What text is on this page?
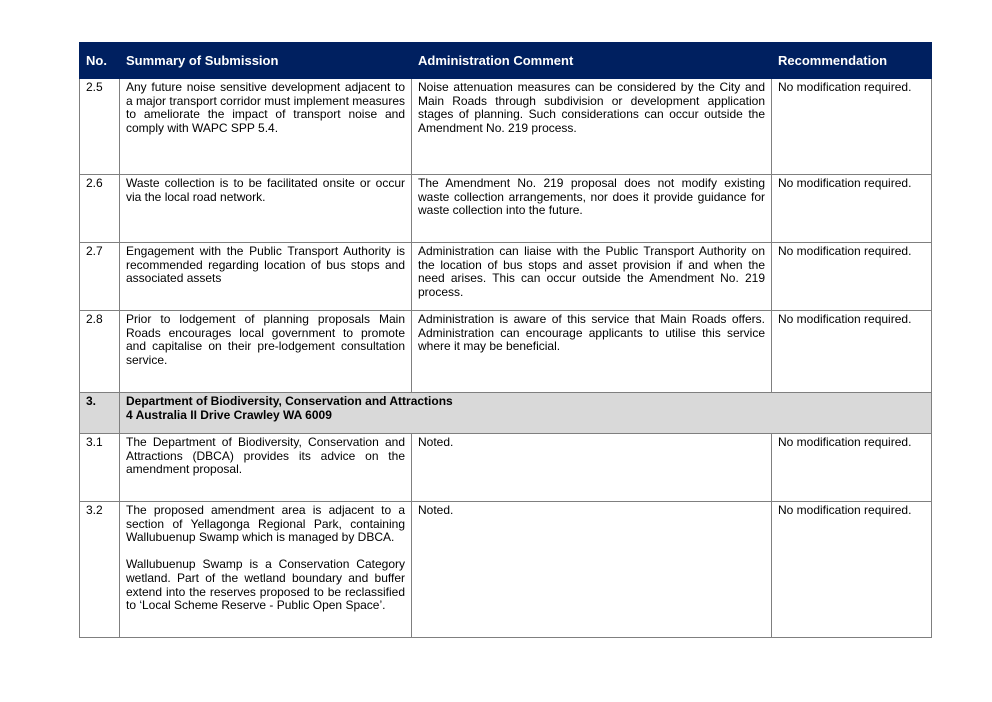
No.	Summary of Submission	Administration Comment	Recommendation
2.5	Any future noise sensitive development adjacent to a major transport corridor must implement measures to ameliorate the impact of transport noise and comply with WAPC SPP 5.4.	Noise attenuation measures can be considered by the City and Main Roads through subdivision or development application stages of planning. Such considerations can occur outside the Amendment No. 219 process.	No modification required.
2.6	Waste collection is to be facilitated onsite or occur via the local road network.	The Amendment No. 219 proposal does not modify existing waste collection arrangements, nor does it provide guidance for waste collection into the future.	No modification required.
2.7	Engagement with the Public Transport Authority is recommended regarding location of bus stops and associated assets	Administration can liaise with the Public Transport Authority on the location of bus stops and asset provision if and when the need arises. This can occur outside the Amendment No. 219 process.	No modification required.
2.8	Prior to lodgement of planning proposals Main Roads encourages local government to promote and capitalise on their pre-lodgement consultation service.	Administration is aware of this service that Main Roads offers. Administration can encourage applicants to utilise this service where it may be beneficial.	No modification required.
3.	Department of Biodiversity, Conservation and Attractions
4 Australia II Drive Crawley WA 6009		

3.1	The Department of Biodiversity, Conservation and Attractions (DBCA) provides its advice on the amendment proposal.	Noted.	No modification required.
3.2	The proposed amendment area is adjacent to a section of Yellagonga Regional Park, containing Wallubuenup Swamp which is managed by DBCA.

Wallubuenup Swamp is a Conservation Category wetland. Part of the wetland boundary and buffer extend into the reserves proposed to be reclassified to ‘Local Scheme Reserve - Public Open Space’.	Noted.	No modification required.
